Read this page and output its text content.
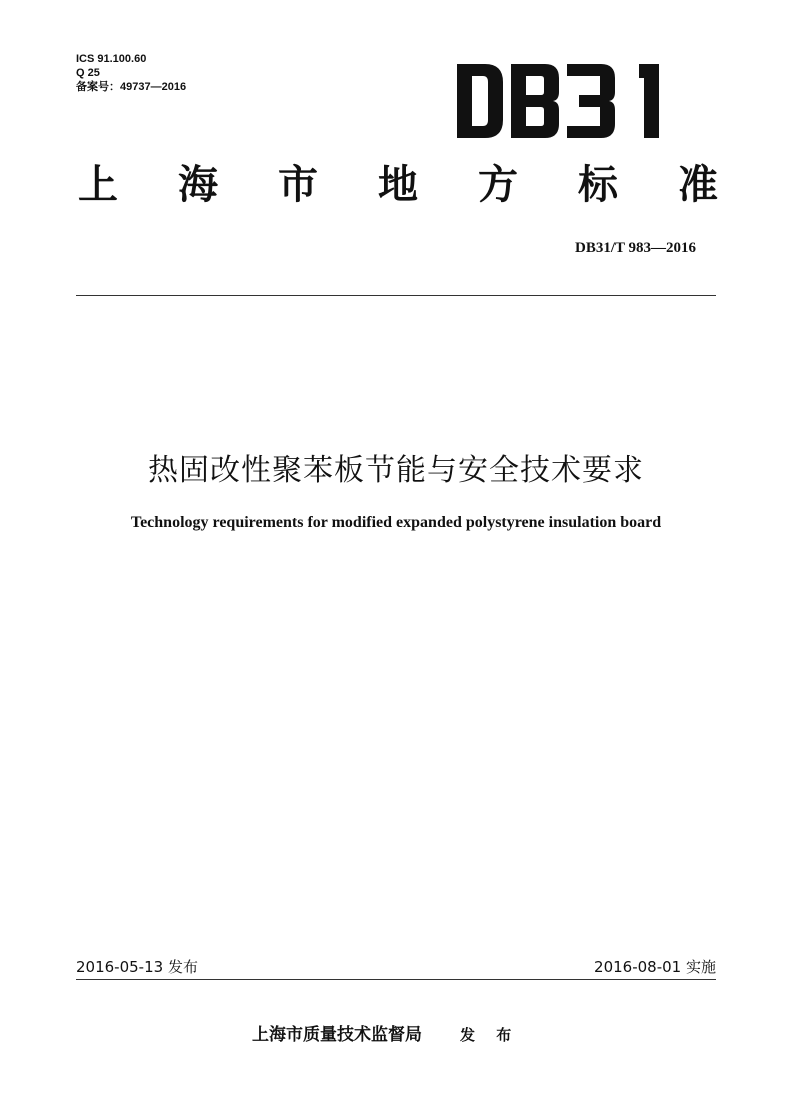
ICS 91.100.60
Q 25
备案号：49737—2016
上 海 市 地 方 标 准
DB31/T 983—2016
热固改性聚苯板节能与安全技术要求
Technology requirements for modified expanded polystyrene insulation board
2016-05-13 发布	2016-08-01 实施
上海市质量技术监督局	发 布
